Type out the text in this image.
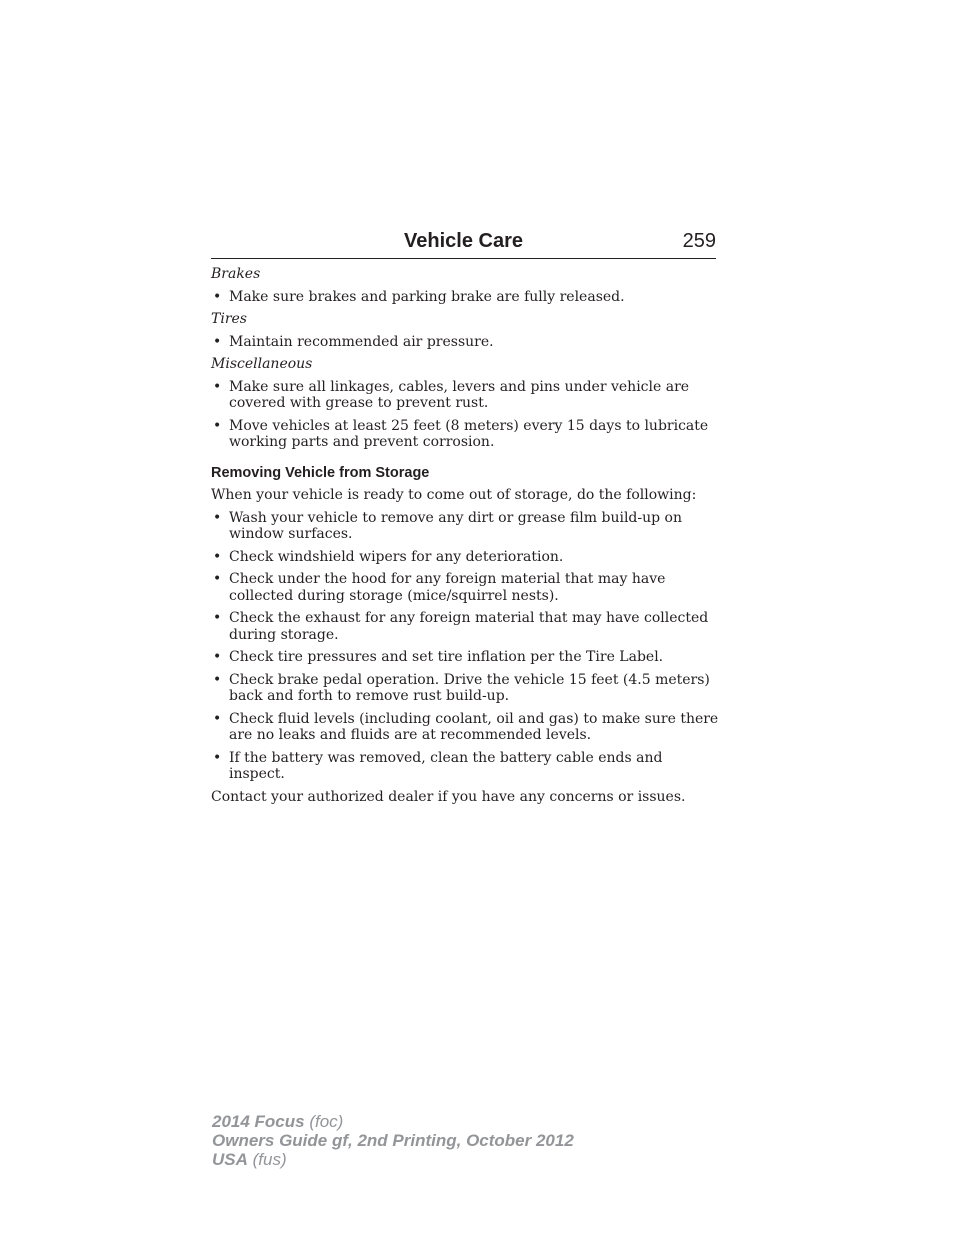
Vehicle Care	259
Brakes
• Make sure brakes and parking brake are fully released.
Tires
• Maintain recommended air pressure.
Miscellaneous
• Make sure all linkages, cables, levers and pins under vehicle are covered with grease to prevent rust.
• Move vehicles at least 25 feet (8 meters) every 15 days to lubricate working parts and prevent corrosion.
Removing Vehicle from Storage
When your vehicle is ready to come out of storage, do the following:
• Wash your vehicle to remove any dirt or grease film build-up on window surfaces.
• Check windshield wipers for any deterioration.
• Check under the hood for any foreign material that may have collected during storage (mice/squirrel nests).
• Check the exhaust for any foreign material that may have collected during storage.
• Check tire pressures and set tire inflation per the Tire Label.
• Check brake pedal operation. Drive the vehicle 15 feet (4.5 meters) back and forth to remove rust build-up.
• Check fluid levels (including coolant, oil and gas) to make sure there are no leaks and fluids are at recommended levels.
• If the battery was removed, clean the battery cable ends and inspect.
Contact your authorized dealer if you have any concerns or issues.
2014 Focus (foc)
Owners Guide gf, 2nd Printing, October 2012
USA (fus)
